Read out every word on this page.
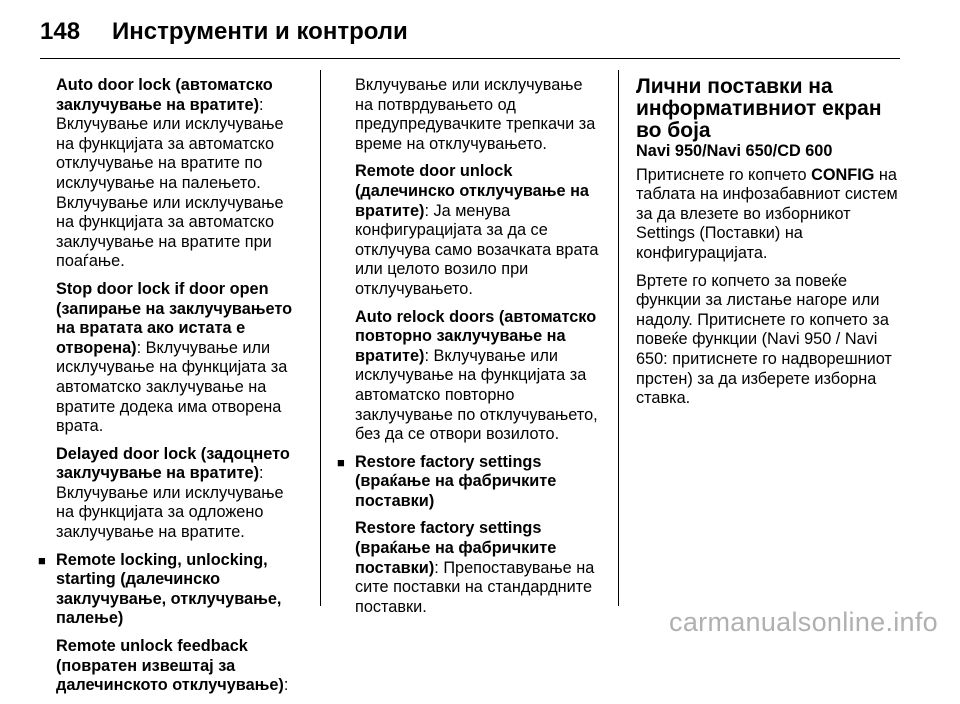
148 Инструменти и контроли

Auto door lock (автоматско заклучување на вратите): Вклучување или исклучување на функцијата за автоматско отклучување на вратите по исклучување на палењето. Вклучување или исклучување на функцијата за автоматско заклучување на вратите при поаѓање.

Stop door lock if door open (запирање на заклучувањето на вратата ако истата е отворена): Вклучување или исклучување на функцијата за автоматско заклучување на вратите додека има отворена врата.

Delayed door lock (задоцнето заклучување на вратите): Вклучување или исклучување на функцијата за одложено заклучување на вратите.

■ Remote locking, unlocking, starting (далечинско заклучување, отклучување, палење)

Remote unlock feedback (повратен извештај за далечинското отклучување):

Вклучување или исклучување на потврдувањето од предупредувачките трепкачи за време на отклучувањето.

Remote door unlock (далечинско отклучување на вратите): Ја менува конфигурацијата за да се отклучува само возачката врата или целото возило при отклучувањето.

Auto relock doors (автоматско повторно заклучување на вратите): Вклучување или исклучување на функцијата за автоматско повторно заклучување по отклучувањето, без да се отвори возилото.

■ Restore factory settings (враќање на фабричките поставки)

Restore factory settings (враќање на фабричките поставки): Препоставување на сите поставки на стандардните поставки.

Лични поставки на информативниот екран во боја

Navi 950/Navi 650/CD 600

Притиснете го копчето CONFIG на таблата на инфозабавниот систем за да влезете во изборникот Settings (Поставки) на конфигурацијата.

Вртете го копчето за повеќе функции за листање нагоре или надолу. Притиснете го копчето за повеќе функции (Navi 950 / Navi 650: притиснете го надворешниот прстен) за да изберете изборна ставка.

carmanualsonline.info
